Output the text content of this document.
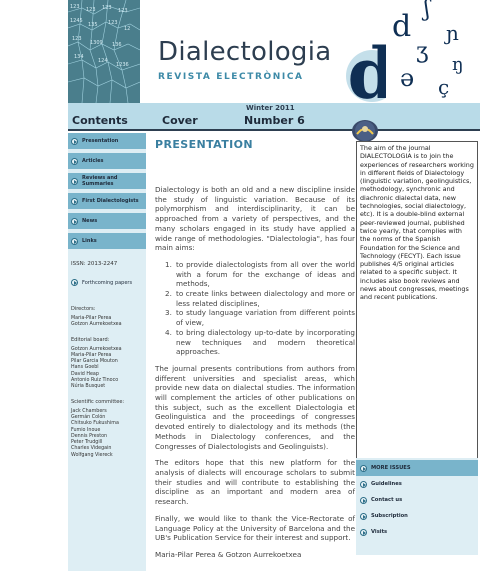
123 123 123 123
1245
135 123
12
123
1309 136
134
124
1236 Dialectologia
REVISTA ELECTRÒNICA d
d ʃ
ɲ
ʒ
ŋ
ə ç
Winter 2011
Contents	Cover	Number 6
Presentation
Articles
Reviews and Summaries
First Dialectologists
News
Links
ISSN: 2013-2247
Forthcoming papers
Directors:
Maria-Pilar Perea
Gotzon Aurrekoetxea
Editorial board:
Gotzon Aurrekoetxea
Maria-Pilar Perea
Pilar Garcia Mouton
Hans Goebl
David Heap
Antonio Ruiz Tinoco
Núria Busquet
Scientific committee:
Jack Chambers
Germán Colón
Chitsuko Fukushima
Fumio Inoue
Dennis Preston
Peter Trudgill
Charles Videgain
Wolfgang Viereck
PRESENTATION

Dialectology is both an old and a new discipline inside the study of linguistic variation. Because of its polymorphism and interdisciplinarity, it can be approached from a variety of perspectives, and the many scholars engaged in its study have applied a wide range of methodologies. "Dialectologia", has four main aims:

1. to provide dialectologists from all over the world with a forum for the exchange of ideas and methods,
2. to create links between dialectology and more or less related disciplines,
3. to study language variation from different points of view,
4. to bring dialectology up-to-date by incorporating new techniques and modern theoretical approaches.

The journal presents contributions from authors from different universities and specialist areas, which provide new data on dialectal studies. The information will complement the articles of other publications on this subject, such as the excellent Dialectologia et Geolinguistica and the proceedings of congresses devoted entirely to dialectology and its methods (the Methods in Dialectology conferences, and the Congresses of Dialectologists and Geolinguists).

The editors hope that this new platform for the analysis of dialects will encourage scholars to submit their studies and will contribute to establishing the discipline as an important and modern area of research.

Finally, we would like to thank the Vice-Rectorate of Language Policy at the University of Barcelona and the UB's Publication Service for their interest and support.

Maria-Pilar Perea & Gotzon Aurrekoetxea

The aim of the journal DIALECTOLOGIA is to join the experiences of researchers working in different fields of Dialectology (linguistic variation, geolinguistics, methodology, synchronic and diachronic dialectal data, new technologies, social dialectology, etc). It is a double-blind external peer-reviewed journal, published twice yearly, that complies with the norms of the Spanish Foundation for the Science and Technology (FECYT). Each issue publishes 4/5 original articles related to a specific subject. It includes also book reviews and news about congresses, meetings and recent publications.

MORE ISSUES
Guidelines
Contact us
Subscription
Visits
